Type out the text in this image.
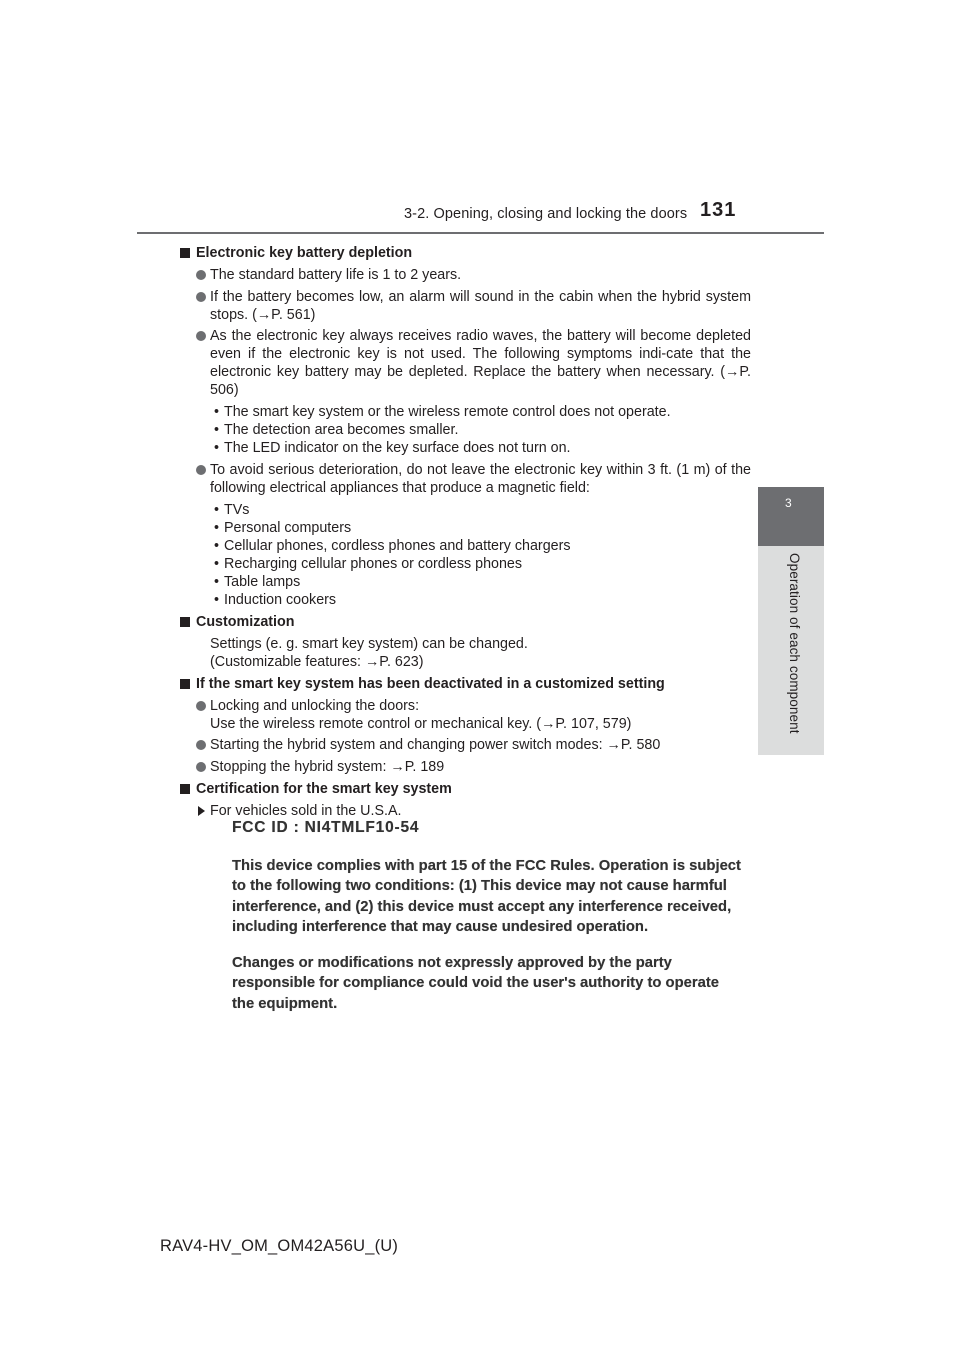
3-2. Opening, closing and locking the doors 131
3
Operation of each component
Electronic key battery depletion
The standard battery life is 1 to 2 years.
If the battery becomes low, an alarm will sound in the cabin when the hybrid system stops. (→P. 561)
As the electronic key always receives radio waves, the battery will become depleted even if the electronic key is not used. The following symptoms indi-cate that the electronic key battery may be depleted. Replace the battery when necessary. (→P. 506)
• The smart key system or the wireless remote control does not operate.
• The detection area becomes smaller.
• The LED indicator on the key surface does not turn on.
To avoid serious deterioration, do not leave the electronic key within 3 ft. (1 m) of the following electrical appliances that produce a magnetic field:
• TVs
• Personal computers
• Cellular phones, cordless phones and battery chargers
• Recharging cellular phones or cordless phones
• Table lamps
• Induction cookers
Customization
Settings (e. g. smart key system) can be changed.
(Customizable features: →P. 623)
If the smart key system has been deactivated in a customized setting
Locking and unlocking the doors:
Use the wireless remote control or mechanical key. (→P. 107, 579)
Starting the hybrid system and changing power switch modes: →P. 580
Stopping the hybrid system: →P. 189
Certification for the smart key system
For vehicles sold in the U.S.A.
FCC ID : NI4TMLF10-54

This device complies with part 15 of the FCC Rules. Operation is subject to the following two conditions: (1) This device may not cause harmful interference, and (2) this device must accept any interference received, including interference that may cause undesired operation.

Changes or modifications not expressly approved by the party responsible for compliance could void the user's authority to operate the equipment.

RAV4-HV_OM_OM42A56U_(U)
